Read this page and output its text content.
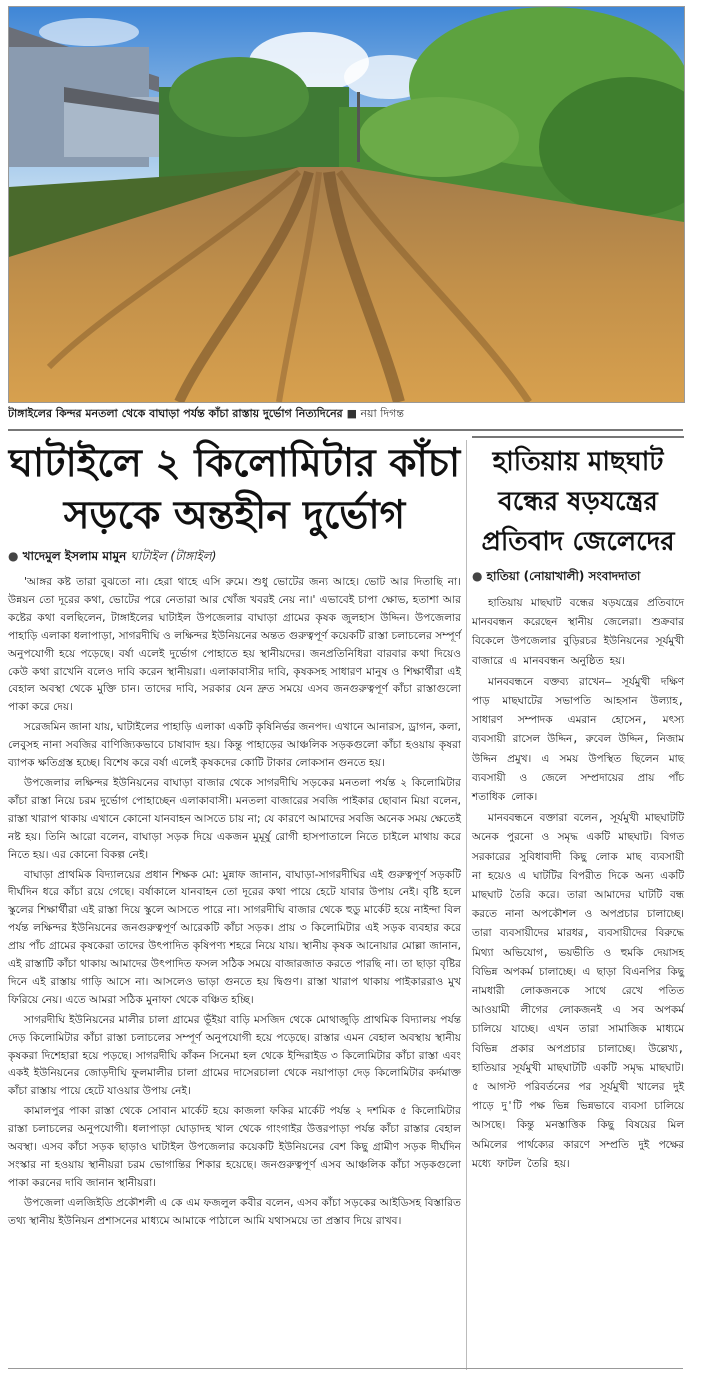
টাঙ্গাইলের কিন্দর মনতলা থেকে বাঘাড়া পর্যন্ত কাঁচা রাস্তায় দুর্ভোগ নিত্যদিনের ■ নয়া দিগন্ত
ঘাটাইলে ২ কিলোমিটার কাঁচা
সড়কে অন্তহীন দুর্ভোগ
● খাদেমুল ইসলাম মামুন ঘাটাইল (টাঙ্গাইল)

'আঙ্গর কষ্ট তারা বুঝতো না। হেরা থাহে এসি রুমে। শুধু ভোটের জন্য আহে। ভোট আর দিতাছি না। উন্নয়ন তো দূরের কথা, ভোটের পরে নেতারা আর খোঁজ খবরই নেয় না।' এভাবেই চাপা ক্ষোভ, হতাশা আর কষ্টের কথা বলছিলেন, টাঙ্গাইলের ঘাটাইল উপজেলার বাঘাড়া গ্রামের কৃষক জুলহাস উদ্দিন। উপজেলার পাহাড়ি এলাকা ধলাপাড়া, সাগরদীঘি ও লক্ষিন্দর ইউনিয়নের অন্তত গুরুত্বপূর্ণ কয়েকটি রাস্তা চলাচলের সম্পূর্ণ অনুপযোগী হয়ে পড়েছে। বর্ষা এলেই দুর্ভোগ পোহাতে হয় স্থানীয়দের। জনপ্রতিনিধিরা বারবার কথা দিয়েও কেউ কথা রাখেনি বলেও দাবি করেন স্থানীয়রা। এলাকাবাসীর দাবি, কৃষকসহ সাধারণ মানুষ ও শিক্ষার্থীরা এই বেহাল অবস্থা থেকে মুক্তি চান। তাদের দাবি, সরকার যেন দ্রুত সময়ে এসব জনগুরুত্বপূর্ণ কাঁচা রাস্তাগুলো পাকা করে দেয়।

সরেজমিন জানা যায়, ঘাটাইলের পাহাড়ি এলাকা একটি কৃষিনির্ভর জনপদ। এখানে আনারস, ড্রাগন, কলা, লেবুসহ নানা সবজির বাণিজ্যিকভাবে চাষাবাদ হয়। কিন্তু পাহাড়ের আঞ্চলিক সড়কগুলো কাঁচা হওয়ায় কৃষরা ব্যাপক ক্ষতিগ্রস্ত হচ্ছে। বিশেষ করে বর্ষা এলেই কৃষকদের কোটি টাকার লোকসান গুনতে হয়।

উপজেলার লক্ষিন্দর ইউনিয়নের বাঘাড়া বাজার থেকে সাগরদীঘি সড়কের মনতলা পর্যন্ত ২ কিলোমিটার কাঁচা রাস্তা নিয়ে চরম দুর্ভোগ পোহাচ্ছেন এলাকাবাসী। মনতলা বাজারের সবজি পাইকার ছোবান মিয়া বলেন, রাস্তা খারাপ থাকায় এখানে কোনো যানবাহন আসতে চায় না; যে কারণে আমাদের সবজি অনেক সময় ক্ষেতেই নষ্ট হয়। তিনি আরো বলেন, বাঘাড়া সড়ক দিয়ে একজন মুমূর্ষু রোগী হাসপাতালে নিতে চাইলে মাথায় করে নিতে হয়। এর কোনো বিকল্প নেই।

বাঘাড়া প্রাথমিক বিদ্যালয়ের প্রধান শিক্ষক মো: মুন্নাফ জানান, বাঘাড়া-সাগরদীঘির এই গুরুত্বপূর্ণ সড়কটি দীর্ঘদিন ধরে কাঁচা রয়ে গেছে। বর্ষাকালে যানবাহন তো দূরের কথা পায়ে হেটে যাবার উপায় নেই। বৃষ্টি হলে স্কুলের শিক্ষার্থীরা এই রাস্তা দিয়ে স্কুলে আসতে পারে না। সাগরদীঘি বাজার থেকে হুডু মার্কেট হয়ে নাইন্দা বিল পর্যন্ত লক্ষিন্দর ইউনিয়নের জনগুরুত্বপূর্ণ আরেকটি কাঁচা সড়ক। প্রায় ৩ কিলোমিটার এই সড়ক ব্যবহার করে প্রায় পাঁচ গ্রামের কৃষকেরা তাদের উৎপাদিত কৃষিপণ্য শহরে নিয়ে যায়। স্থানীয় কৃষক আনোয়ার মোল্লা জানান, এই রাস্তাটি কাঁচা থাকায় আমাদের উৎপাদিত ফসল সঠিক সময়ে বাজারজাত করতে পারছি না। তা ছাড়া বৃষ্টির দিনে এই রাস্তায় গাড়ি আসে না। আসলেও ভাড়া গুনতে হয় দ্বিগুণ। রাস্তা খারাপ থাকায় পাইকাররাও মুখ ফিরিয়ে নেয়। এতে আমরা সঠিক মুনাফা থেকে বঞ্চিত হচ্ছি।

সাগরদীঘি ইউনিয়নের মালীর চালা গ্রামের ভূঁইয়া বাড়ি মসজিদ থেকে মোথাজুড়ি প্রাথমিক বিদ্যালয় পর্যন্ত দেড় কিলোমিটার কাঁচা রাস্তা চলাচলের সম্পূর্ণ অনুপযোগী হয়ে পড়েছে। রাস্তার এমন বেহাল অবস্থায় স্থানীয় কৃষকরা দিশেহারা হয়ে পড়ছে। সাগরদীঘি কাঁকন সিনেমা হল থেকে ইন্দিরাইড ৩ কিলোমিটার কাঁচা রাস্তা এবং একই ইউনিয়নের জোড়দীঘি ফুলমালীর চালা গ্রামের দাসেরচালা থেকে নয়াপাড়া দেড় কিলোমিটার কর্দমাক্ত কাঁচা রাস্তায় পায়ে হেটে যাওয়ার উপায় নেই।

কামালপুর পাকা রাস্তা থেকে সোবান মার্কেট হয়ে কাজলা ফকির মার্কেট পর্যন্ত ২ দশমিক ৫ কিলোমিটার রাস্তা চলাচলের অনুপযোগী। ধলাপাড়া ঘোড়াদহ খাল থেকে গাংগাইর উত্তরপাড়া পর্যন্ত কাঁচা রাস্তার বেহাল অবস্থা। এসব কাঁচা সড়ক ছাড়াও ঘাটাইল উপজেলার কয়েকটি ইউনিয়নের বেশ কিছু গ্রামীণ সড়ক দীর্ঘদিন সংস্কার না হওয়ায় স্থানীয়রা চরম ভোগান্তির শিকার হয়েছে। জনগুরুত্বপূর্ণ এসব আঞ্চলিক কাঁচা সড়কগুলো পাকা করনের দাবি জানান স্থানীয়রা।

উপজেলা এলজিইডি প্রকৌশলী এ কে এম ফজলুল কবীর বলেন, এসব কাঁচা সড়কের আইডিসহ বিস্তারিত তথ্য স্থানীয় ইউনিয়ন প্রশাসনের মাধ্যমে আমাকে পাঠালে আমি যথাসময়ে তা প্রস্তাব দিয়ে রাখব।

হাতিয়ায় মাছঘাট
বন্ধের ষড়যন্ত্রের
প্রতিবাদ জেলেদের
● হাতিয়া (নোয়াখালী) সংবাদদাতা

হাতিয়ায় মাছঘাট বন্ধের ষড়যন্ত্রের প্রতিবাদে মানববন্ধন করেছেন স্থানীয় জেলেরা। শুক্রবার বিকেলে উপজেলার বুড়িরচর ইউনিয়নের সূর্যমুখী বাজারে এ মানববন্ধন অনুষ্ঠিত হয়।

মানববন্ধনে বক্তব্য রাখেন— সূর্যমুখী দক্ষিণ পাড় মাছঘাটের সভাপতি আহসান উল্যাহ, সাধারণ সম্পাদক এমরান হোসেন, মৎস্য ব্যবসায়ী রাসেল উদ্দিন, রুবেল উদ্দিন, নিজাম উদ্দিন প্রমুখ। এ সময় উপস্থিত ছিলেন মাছ ব্যবসায়ী ও জেলে সম্প্রদায়ের প্রায় পাঁচ শতাধিক লোক।

মানববন্ধনে বক্তারা বলেন, সূর্যমুখী মাছঘাটটি অনেক পুরনো ও সমৃদ্ধ একটি মাছঘাট। বিগত সরকারের সুবিধাবাদী কিছু লোক মাছ ব্যবসায়ী না হয়েও এ ঘাটটির বিপরীত দিকে অন্য একটি মাছঘাট তৈরি করে। তারা আমাদের ঘাটটি বন্ধ করতে নানা অপকৌশল ও অপপ্রচার চালাচ্ছে। তারা ব্যবসায়ীদের মারধর, ব্যবসায়ীদের বিরুদ্ধে মিথ্যা অভিযোগ, ভয়ভীতি ও হুমকি দেয়াসহ বিভিন্ন অপকর্ম চালাচ্ছে। এ ছাড়া বিএনপির কিছু নামধারী লোকজনকে সাথে রেখে পতিত আওয়ামী লীগের লোকজনই এ সব অপকর্ম চালিয়ে যাচ্ছে। এখন তারা সামাজিক মাধ্যমে বিভিন্ন প্রকার অপপ্রচার চালাচ্ছে। উল্লেখ্য, হাতিয়ার সূর্যমুখী মাছঘাটটি একটি সমৃদ্ধ মাছঘাট। ৫ আগস্ট পরিবর্তনের পর সূর্যমুখী খালের দুই পাড়ে দু'টি পক্ষ ভিন্ন ভিন্নভাবে ব্যবসা চালিয়ে আসছে। কিন্তু মনস্তাত্তিক কিছু বিষয়ের মিল অমিলের পার্থক্যের কারণে সম্প্রতি দুই পক্ষের মধ্যে ফাটল তৈরি হয়।
